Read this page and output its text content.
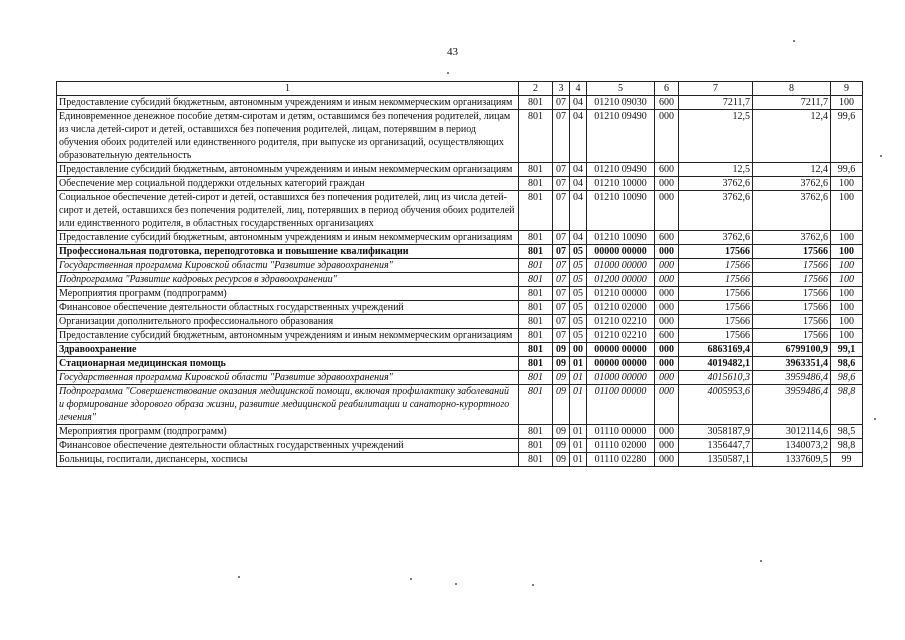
43
1	2	3	4	5	6	7	8	9
Предоставление субсидий бюджетным, автономным учреждениям и иным некоммерческим организациям	801	07	04	01210 09030	600	7211,7	7211,7	100
Единовременное денежное пособие детям-сиротам и детям, оставшимся без попечения родителей, лицам из числа детей-сирот и детей, оставшихся без попечения родителей, лицам, потерявшим в период обучения обоих родителей или единственного родителя, при выпуске из организаций, осуществляющих образовательную деятельность	801	07	04	01210 09490	000	12,5	12,4	99,6
Предоставление субсидий бюджетным, автономным учреждениям и иным некоммерческим организациям	801	07	04	01210 09490	600	12,5	12,4	99,6
Обеспечение мер социальной поддержки отдельных категорий граждан	801	07	04	01210 10000	000	3762,6	3762,6	100
Социальное обеспечение детей-сирот и детей, оставшихся без попечения родителей, лиц из числа детей-сирот и детей, оставшихся без попечения родителей, лиц, потерявших в период обучения обоих родителей или единственного родителя, в областных государственных организациях	801	07	04	01210 10090	000	3762,6	3762,6	100
Предоставление субсидий бюджетным, автономным учреждениям и иным некоммерческим организациям	801	07	04	01210 10090	600	3762,6	3762,6	100
Профессиональная подготовка, переподготовка и повышение квалификации	801	07	05	00000 00000	000	17566	17566	100
Государственная программа Кировской области "Развитие здравоохранения"	801	07	05	01000 00000	000	17566	17566	100
Подпрограмма "Развитие кадровых ресурсов в здравоохранении"	801	07	05	01200 00000	000	17566	17566	100
Мероприятия программ (подпрограмм)	801	07	05	01210 00000	000	17566	17566	100
Финансовое обеспечение деятельности областных государственных учреждений	801	07	05	01210 02000	000	17566	17566	100
Организации дополнительного профессионального образования	801	07	05	01210 02210	000	17566	17566	100
Предоставление субсидий бюджетным, автономным учреждениям и иным некоммерческим организациям	801	07	05	01210 02210	600	17566	17566	100
Здравоохранение	801	09	00	00000 00000	000	6863169,4	6799100,9	99,1
Стационарная медицинская помощь	801	09	01	00000 00000	000	4019482,1	3963351,4	98,6
Государственная программа Кировской области "Развитие здравоохранения"	801	09	01	01000 00000	000	4015610,3	3959486,4	98,6
Подпрограмма "Совершенствование оказания медицинской помощи, включая профилактику заболеваний и формирование здорового образа жизни, развитие медицинской реабилитации и санаторно-курортного лечения"	801	09	01	01100 00000	000	4005953,6	3959486,4	98,8
Мероприятия программ (подпрограмм)	801	09	01	01110 00000	000	3058187,9	3012114,6	98,5
Финансовое обеспечение деятельности областных государственных учреждений	801	09	01	01110 02000	000	1356447,7	1340073,2	98,8
Больницы, госпитали, диспансеры, хосписы	801	09	01	01110 02280	000	1350587,1	1337609,5	99
